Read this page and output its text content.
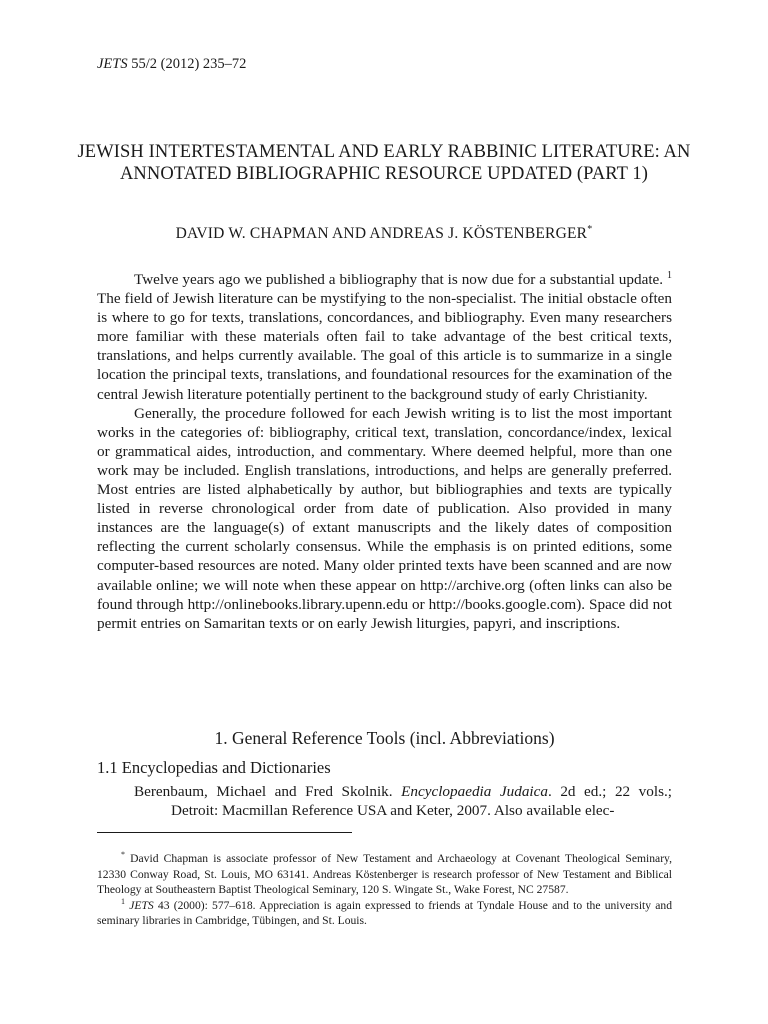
JETS 55/2 (2012) 235–72
JEWISH INTERTESTAMENTAL AND EARLY RABBINIC LITERATURE: AN ANNOTATED BIBLIOGRAPHIC RESOURCE UPDATED (PART 1)
DAVID W. CHAPMAN AND ANDREAS J. KÖSTENBERGER*

Twelve years ago we published a bibliography that is now due for a substantial update. $^1$ The field of Jewish literature can be mystifying to the non-specialist. The initial obstacle often is where to go for texts, translations, concordances, and bibliography. Even many researchers more familiar with these materials often fail to take advantage of the best critical texts, translations, and helps currently available. The goal of this article is to summarize in a single location the principal texts, translations, and foundational resources for the examination of the central Jewish literature potentially pertinent to the background study of early Christianity.

Generally, the procedure followed for each Jewish writing is to list the most important works in the categories of: bibliography, critical text, translation, concordance/index, lexical or grammatical aides, introduction, and commentary. Where deemed helpful, more than one work may be included. English translations, introductions, and helps are generally preferred. Most entries are listed alphabetically by author, but bibliographies and texts are typically listed in reverse chronological order from date of publication. Also provided in many instances are the language(s) of extant manuscripts and the likely dates of composition reflecting the current scholarly consensus. While the emphasis is on printed editions, some computer-based resources are noted. Many older printed texts have been scanned and are now available online; we will note when these appear on http://archive.org (often links can also be found through http://onlinebooks.library.upenn.edu or http://books.google.com). Space did not permit entries on Samaritan texts or on early Jewish liturgies, papyri, and inscriptions.

1. General Reference Tools (incl. Abbreviations)
1.1 Encyclopedias and Dictionaries

Berenbaum, Michael and Fred Skolnik. Encyclopaedia Judaica. 2d ed.; 22 vols.; Detroit: Macmillan Reference USA and Keter, 2007. Also available elec-

* David Chapman is associate professor of New Testament and Archaeology at Covenant Theological Seminary, 12330 Conway Road, St. Louis, MO 63141. Andreas Köstenberger is research professor of New Testament and Biblical Theology at Southeastern Baptist Theological Seminary, 120 S. Wingate St., Wake Forest, NC 27587.

$^1$ JETS 43 (2000): 577–618. Appreciation is again expressed to friends at Tyndale House and to the university and seminary libraries in Cambridge, Tübingen, and St. Louis.
